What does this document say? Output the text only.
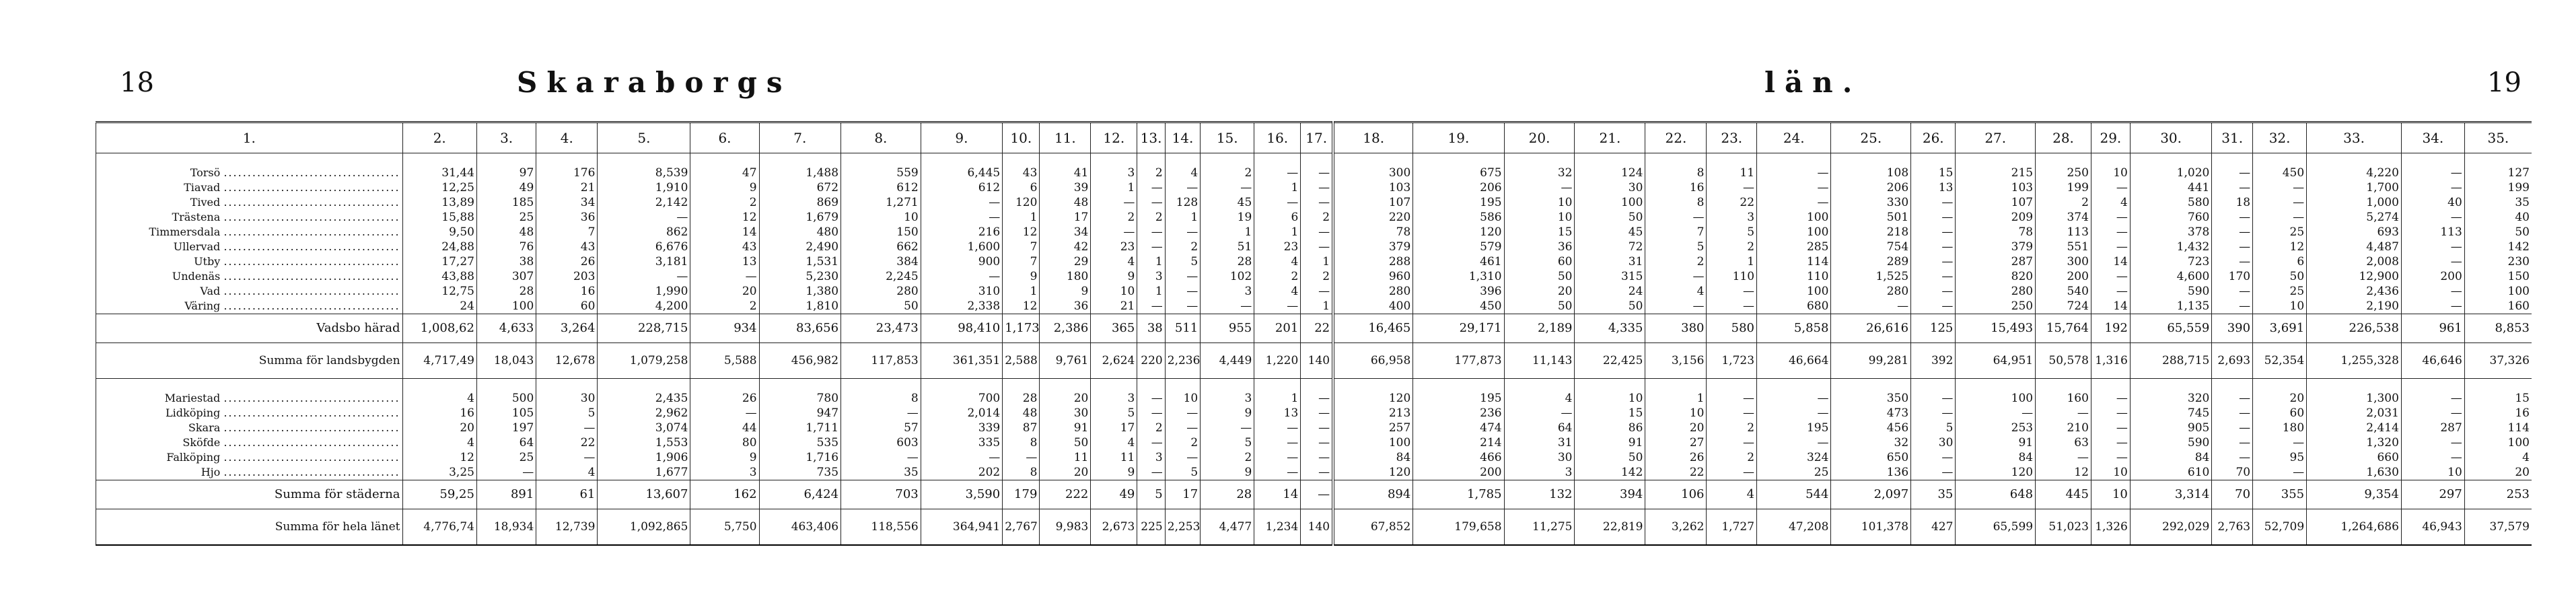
18	Skaraborgs	län.	19
1.	2.	3.	4.	5.	6.	7.	8.	9.	10.	11.	12.	13.	14.	15.	16.	17.	18.	19.	20.	21.	22.	23.	24.	25.	26.	27.	28.	29.	30.	31.	32.	33.	34.	35.

Torsö .....................................	31,44	97	176	8,539	47	1,488	559	6,445	43	41	3	2	4	2	—	—	300	675	32	124	8	11	—	108	15	215	250	10	1,020	—	450	4,220	—	127
Tiavad .....................................	12,25	49	21	1,910	9	672	612	612	6	39	1	—	—	—	1	—	103	206	—	30	16	—	—	206	13	103	199	—	441	—	—	1,700	—	199
Tived .....................................	13,89	185	34	2,142	2	869	1,271	—	120	48	—	—	128	45	—	—	107	195	10	100	8	22	—	330	—	107	2	4	580	18	—	1,000	40	35
Trästena .....................................	15,88	25	36	—	12	1,679	10	—	1	17	2	2	1	19	6	2	220	586	10	50	—	3	100	501	—	209	374	—	760	—	—	5,274	—	40
Timmersdala .....................................	9,50	48	7	862	14	480	150	216	12	34	—	—	—	1	1	—	78	120	15	45	7	5	100	218	—	78	113	—	378	—	25	693	113	50
Ullervad .....................................	24,88	76	43	6,676	43	2,490	662	1,600	7	42	23	—	2	51	23	—	379	579	36	72	5	2	285	754	—	379	551	—	1,432	—	12	4,487	—	142
Utby .....................................	17,27	38	26	3,181	13	1,531	384	900	7	29	4	1	5	28	4	1	288	461	60	31	2	1	114	289	—	287	300	14	723	—	6	2,008	—	230
Undenäs .....................................	43,88	307	203	—	—	5,230	2,245	—	9	180	9	3	—	102	2	2	960	1,310	50	315	—	110	110	1,525	—	820	200	—	4,600	170	50	12,900	200	150
Vad .....................................	12,75	28	16	1,990	20	1,380	280	310	1	9	10	1	—	3	4	—	280	396	20	24	4	—	100	280	—	280	540	—	590	—	25	2,436	—	100
Väring .....................................	24	100	60	4,200	2	1,810	50	2,338	12	36	21	—	—	—	—	1	400	450	50	50	—	—	680	—	—	250	724	14	1,135	—	10	2,190	—	160
Vadsbo härad	1,008,62	4,633	3,264	228,715	934	83,656	23,473	98,410	1,173	2,386	365	38	511	955	201	22	16,465	29,171	2,189	4,335	380	580	5,858	26,616	125	15,493	15,764	192	65,559	390	3,691	226,538	961	8,853
Summa för landsbygden	4,717,49	18,043	12,678	1,079,258	5,588	456,982	117,853	361,351	2,588	9,761	2,624	220	2,236	4,449	1,220	140	66,958	177,873	11,143	22,425	3,156	1,723	46,664	99,281	392	64,951	50,578	1,316	288,715	2,693	52,354	1,255,328	46,646	37,326

Mariestad .....................................	4	500	30	2,435	26	780	8	700	28	20	3	—	10	3	1	—	120	195	4	10	1	—	—	350	—	100	160	—	320	—	20	1,300	—	15
Lidköping .....................................	16	105	5	2,962	—	947	—	2,014	48	30	5	—	—	9	13	—	213	236	—	15	10	—	—	473	—	—	—	—	745	—	60	2,031	—	16
Skara .....................................	20	197	—	3,074	44	1,711	57	339	87	91	17	2	—	—	—	—	257	474	64	86	20	2	195	456	5	253	210	—	905	—	180	2,414	287	114
Sköfde .....................................	4	64	22	1,553	80	535	603	335	8	50	4	—	2	5	—	—	100	214	31	91	27	—	—	32	30	91	63	—	590	—	—	1,320	—	100
Falköping .....................................	12	25	—	1,906	9	1,716	—	—	—	11	11	3	—	2	—	—	84	466	30	50	26	2	324	650	—	84	—	—	84	—	95	660	—	4
Hjo .....................................	3,25	—	4	1,677	3	735	35	202	8	20	9	—	5	9	—	—	120	200	3	142	22	—	25	136	—	120	12	10	610	70	—	1,630	10	20
Summa för städerna	59,25	891	61	13,607	162	6,424	703	3,590	179	222	49	5	17	28	14	—	894	1,785	132	394	106	4	544	2,097	35	648	445	10	3,314	70	355	9,354	297	253
Summa för hela länet	4,776,74	18,934	12,739	1,092,865	5,750	463,406	118,556	364,941	2,767	9,983	2,673	225	2,253	4,477	1,234	140	67,852	179,658	11,275	22,819	3,262	1,727	47,208	101,378	427	65,599	51,023	1,326	292,029	2,763	52,709	1,264,686	46,943	37,579
